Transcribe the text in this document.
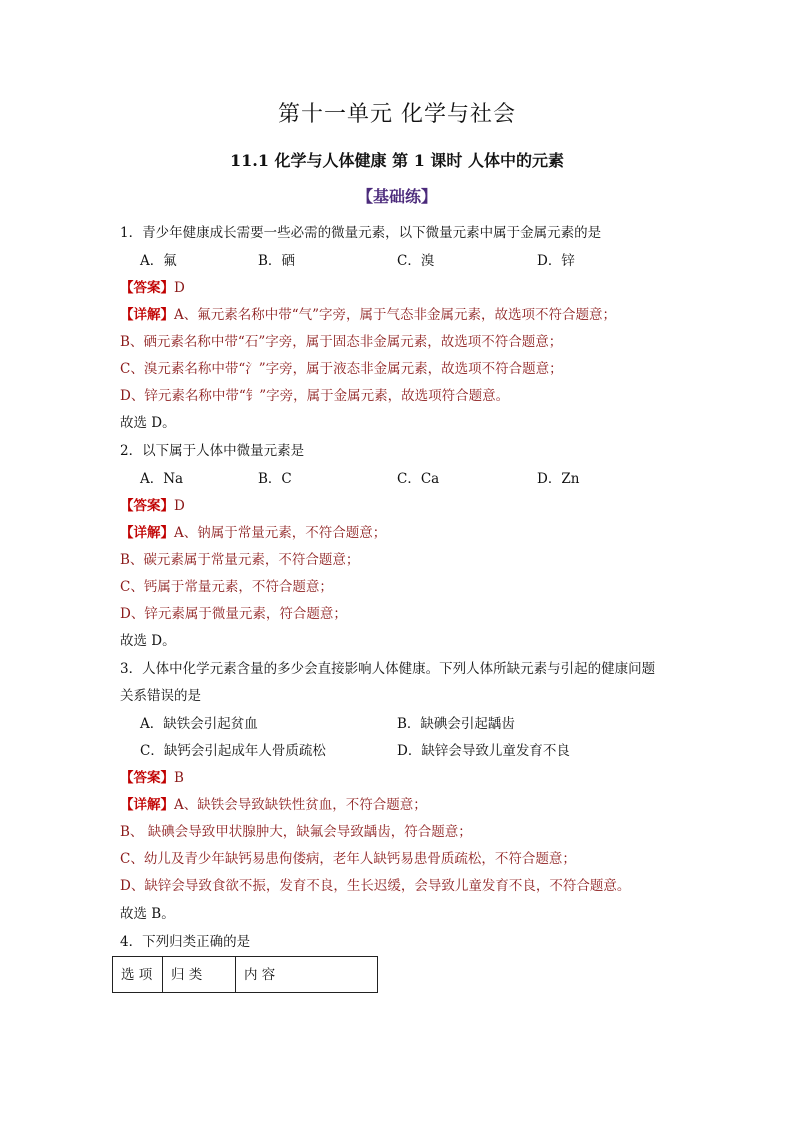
第十一单元 化学与社会
11.1 化学与人体健康 第 1 课时 人体中的元素
【基础练】
1．青少年健康成长需要一些必需的微量元素，以下微量元素中属于金属元素的是
A．氟	B．硒	C．溴	D．锌
【答案】D
【详解】A、氟元素名称中带“气”字旁，属于气态非金属元素，故选项不符合题意；
B、硒元素名称中带“石”字旁，属于固态非金属元素，故选项不符合题意；
C、溴元素名称中带“氵”字旁，属于液态非金属元素，故选项不符合题意；
D、锌元素名称中带“钅”字旁，属于金属元素，故选项符合题意。
故选 D。
2．以下属于人体中微量元素是
A．Na	B．C	C．Ca	D．Zn
【答案】D
【详解】A、钠属于常量元素，不符合题意；
B、碳元素属于常量元素，不符合题意；
C、钙属于常量元素，不符合题意；
D、锌元素属于微量元素，符合题意；
故选 D。
3．人体中化学元素含量的多少会直接影响人体健康。下列人体所缺元素与引起的健康问题
关系错误的是
A．缺铁会引起贫血	B．缺碘会引起龋齿
C．缺钙会引起成年人骨质疏松	D．缺锌会导致儿童发育不良
【答案】B
【详解】A、缺铁会导致缺铁性贫血，不符合题意；
B、 缺碘会导致甲状腺肿大，缺氟会导致龋齿，符合题意；
C、幼儿及青少年缺钙易患佝偻病，老年人缺钙易患骨质疏松，不符合题意；
D、缺锌会导致食欲不振，发育不良，生长迟缓，会导致儿童发育不良，不符合题意。
故选 B。
4．下列归类正确的是
选 项	归 类	内 容
